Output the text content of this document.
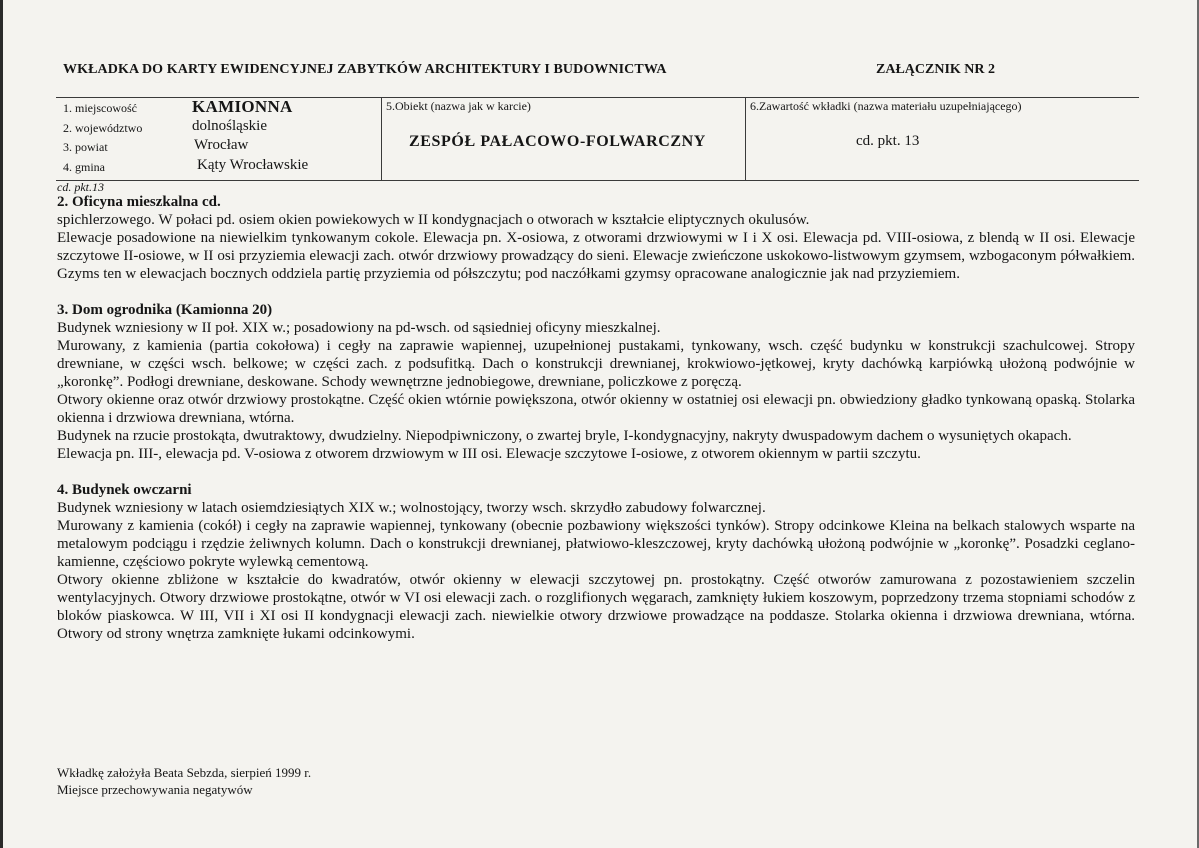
WKŁADKA DO KARTY EWIDENCYJNEJ ZABYTKÓW ARCHITEKTURY I BUDOWNICTWA	ZAŁĄCZNIK NR 2
1. miejscowość	KAMIONNA
2. województwo	dolnośląskie
3. powiat	Wrocław
4. gmina	Kąty Wrocławskie
5.Obiekt (nazwa jak w karcie)
ZESPÓŁ PAŁACOWO-FOLWARCZNY
6.Zawartość wkładki (nazwa materiału uzupełniającego)
cd. pkt. 13
cd. pkt.13

2. Oficyna mieszkalna cd.

spichlerzowego. W połaci pd. osiem okien powiekowych w II kondygnacjach o otworach w kształcie eliptycznych okulusów.

Elewacje posadowione na niewielkim tynkowanym cokole. Elewacja pn. X-osiowa, z otworami drzwiowymi w I i X osi. Elewacja pd. VIII-osiowa, z blendą w II osi. Elewacje szczytowe II-osiowe, w II osi przyziemia elewacji zach. otwór drzwiowy prowadzący do sieni. Elewacje zwieńczone uskokowo-listwowym gzymsem, wzbogaconym półwałkiem. Gzyms ten w elewacjach bocznych oddziela partię przyziemia od półszczytu; pod naczółkami gzymsy opracowane analogicznie jak nad przyziemiem.

3. Dom ogrodnika (Kamionna 20)

Budynek wzniesiony w II poł. XIX w.; posadowiony na pd-wsch. od sąsiedniej oficyny mieszkalnej.

Murowany, z kamienia (partia cokołowa) i cegły na zaprawie wapiennej, uzupełnionej pustakami, tynkowany, wsch. część budynku w konstrukcji szachulcowej. Stropy drewniane, w części wsch. belkowe; w części zach. z podsufitką. Dach o konstrukcji drewnianej, krokwiowo-jętkowej, kryty dachówką karpiówką ułożoną podwójnie w „koronkę”. Podłogi drewniane, deskowane. Schody wewnętrzne jednobiegowe, drewniane, policzkowe z poręczą.

Otwory okienne oraz otwór drzwiowy prostokątne. Część okien wtórnie powiększona, otwór okienny w ostatniej osi elewacji pn. obwiedziony gładko tynkowaną opaską. Stolarka okienna i drzwiowa drewniana, wtórna.

Budynek na rzucie prostokąta, dwutraktowy, dwudzielny. Niepodpiwniczony, o zwartej bryle, I-kondygnacyjny, nakryty dwuspadowym dachem o wysuniętych okapach.

Elewacja pn. III-, elewacja pd. V-osiowa z otworem drzwiowym w III osi. Elewacje szczytowe I-osiowe, z otworem okiennym w partii szczytu.

4. Budynek owczarni

Budynek wzniesiony w latach osiemdziesiątych XIX w.; wolnostojący, tworzy wsch. skrzydło zabudowy folwarcznej.

Murowany z kamienia (cokół) i cegły na zaprawie wapiennej, tynkowany (obecnie pozbawiony większości tynków). Stropy odcinkowe Kleina na belkach stalowych wsparte na metalowym podciągu i rzędzie żeliwnych kolumn. Dach o konstrukcji drewnianej, płatwiowo-kleszczowej, kryty dachówką ułożoną podwójnie w „koronkę”. Posadzki ceglano-kamienne, częściowo pokryte wylewką cementową.

Otwory okienne zbliżone w kształcie do kwadratów, otwór okienny w elewacji szczytowej pn. prostokątny. Część otworów zamurowana z pozostawieniem szczelin wentylacyjnych. Otwory drzwiowe prostokątne, otwór w VI osi elewacji zach. o rozglifionych węgarach, zamknięty łukiem koszowym, poprzedzony trzema stopniami schodów z bloków piaskowca. W III, VII i XI osi II kondygnacji elewacji zach. niewielkie otwory drzwiowe prowadzące na poddasze. Stolarka okienna i drzwiowa drewniana, wtórna. Otwory od strony wnętrza zamknięte łukami odcinkowymi.

Wkładkę założyła Beata Sebzda, sierpień 1999 r.
Miejsce przechowywania negatywów
